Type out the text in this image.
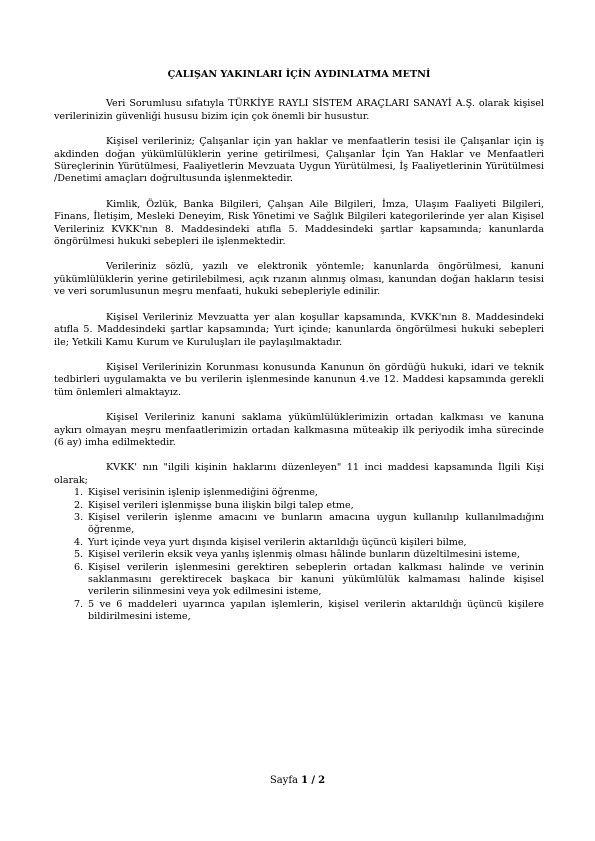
ÇALIŞAN YAKINLARI İÇİN AYDINLATMA METNİ

Veri Sorumlusu sıfatıyla TÜRKİYE RAYLI SİSTEM ARAÇLARI SANAYİ A.Ş. olarak kişisel verilerinizin güvenliği hususu bizim için çok önemli bir husustur.

Kişisel verileriniz; Çalışanlar için yan haklar ve menfaatlerin tesisi ile Çalışanlar için iş akdinden doğan yükümlülüklerin yerine getirilmesi, Çalışanlar İçin Yan Haklar ve Menfaatleri Süreçlerinin Yürütülmesi, Faaliyetlerin Mevzuata Uygun Yürütülmesi, İş Faaliyetlerinin Yürütülmesi /Denetimi amaçları doğrultusunda işlenmektedir.

Kimlik, Özlük, Banka Bilgileri, Çalışan Aile Bilgileri, İmza, Ulaşım Faaliyeti Bilgileri, Finans, İletişim, Mesleki Deneyim, Risk Yönetimi ve Sağlık Bilgileri kategorilerinde yer alan Kişisel Verileriniz KVKK'nın 8. Maddesindeki atıfla 5. Maddesindeki şartlar kapsamında; kanunlarda öngörülmesi hukuki sebepleri ile işlenmektedir.

Verileriniz sözlü, yazılı ve elektronik yöntemle; kanunlarda öngörülmesi, kanuni yükümlülüklerin yerine getirilebilmesi, açık rızanın alınmış olması, kanundan doğan hakların tesisi ve veri sorumlusunun meşru menfaati, hukuki sebepleriyle edinilir.

Kişisel Verileriniz Mevzuatta yer alan koşullar kapsamında, KVKK'nın 8. Maddesindeki atıfla 5. Maddesindeki şartlar kapsamında; Yurt içinde; kanunlarda öngörülmesi hukuki sebepleri ile; Yetkili Kamu Kurum ve Kuruluşları ile paylaşılmaktadır.

Kişisel Verilerinizin Korunması konusunda Kanunun ön gördüğü hukuki, idari ve teknik tedbirleri uygulamakta ve bu verilerin işlenmesinde kanunun 4.ve 12. Maddesi kapsamında gerekli tüm önlemleri almaktayız.

Kişisel Verileriniz kanuni saklama yükümlülüklerimizin ortadan kalkması ve kanuna aykırı olmayan meşru menfaatlerimizin ortadan kalkmasına müteakip ilk periyodik imha sürecinde (6 ay) imha edilmektedir.

KVKK' nın "ilgili kişinin haklarını düzenleyen" 11 inci maddesi kapsamında İlgili Kişi olarak;

1. Kişisel verisinin işlenip işlenmediğini öğrenme,
2. Kişisel verileri işlenmişse buna ilişkin bilgi talep etme,
3. Kişisel verilerin işlenme amacını ve bunların amacına uygun kullanılıp kullanılmadığını öğrenme,
4. Yurt içinde veya yurt dışında kişisel verilerin aktarıldığı üçüncü kişileri bilme,
5. Kişisel verilerin eksik veya yanlış işlenmiş olması hâlinde bunların düzeltilmesini isteme,
6. Kişisel verilerin işlenmesini gerektiren sebeplerin ortadan kalkması halinde ve verinin saklanmasını gerektirecek başkaca bir kanuni yükümlülük kalmaması halinde kişisel verilerin silinmesini veya yok edilmesini isteme,
7. 5 ve 6 maddeleri uyarınca yapılan işlemlerin, kişisel verilerin aktarıldığı üçüncü kişilere bildirilmesini isteme,
Sayfa 1 / 2
